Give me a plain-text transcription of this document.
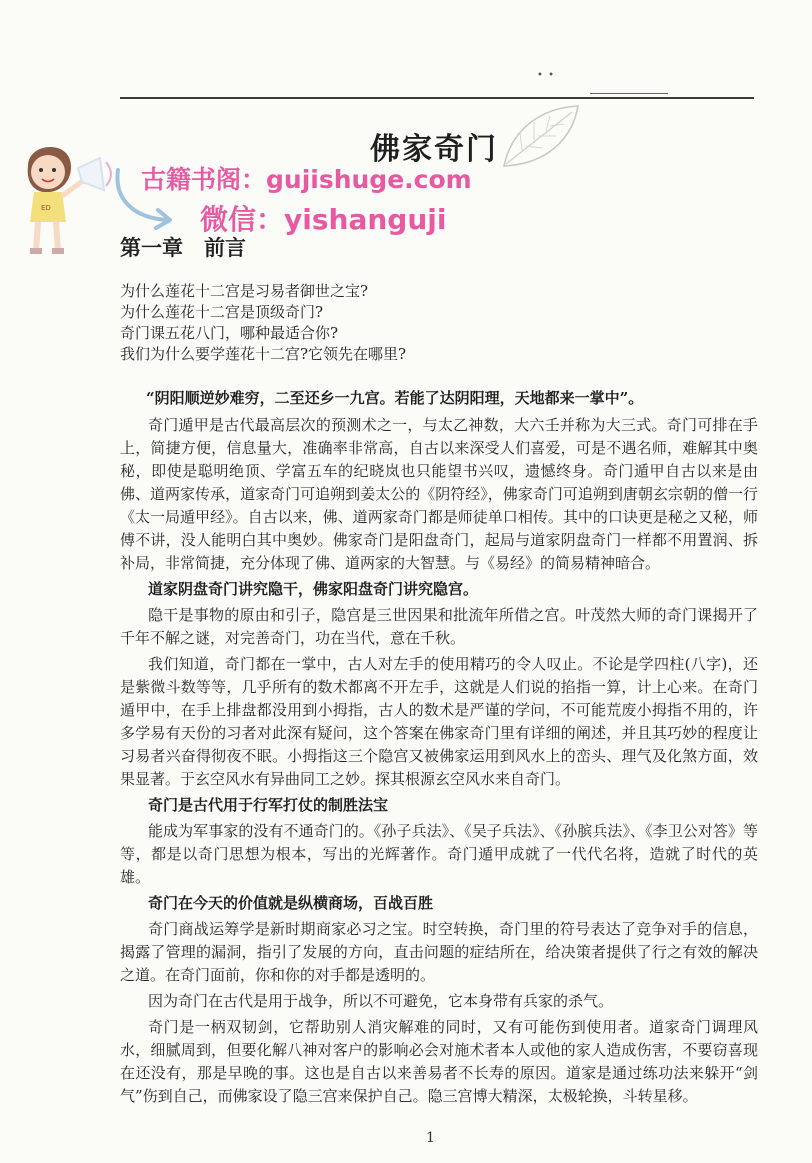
• •
ED
佛家奇门
古籍书阁：gujishuge.com
微信：yishanguji
第一章　前言
为什么莲花十二宫是习易者御世之宝?
为什么莲花十二宫是顶级奇门?
奇门课五花八门，哪种最适合你?
我们为什么要学莲花十二宫?它领先在哪里?

“阴阳顺逆妙难穷，二至还乡一九宫。若能了达阴阳理，天地都来一掌中”。

奇门遁甲是古代最高层次的预测术之一，与太乙神数，大六壬并称为大三式。奇门可排在手上，简捷方便，信息量大，准确率非常高，自古以来深受人们喜爱，可是不遇名师，难解其中奥秘，即使是聪明绝顶、学富五车的纪晓岚也只能望书兴叹，遗憾终身。奇门遁甲自古以来是由佛、道两家传承，道家奇门可追朔到姜太公的《阴符经》，佛家奇门可追朔到唐朝玄宗朝的僧一行《太一局遁甲经》。自古以来，佛、道两家奇门都是师徒单口相传。其中的口诀更是秘之又秘，师傅不讲，没人能明白其中奥妙。佛家奇门是阳盘奇门，起局与道家阴盘奇门一样都不用置润、拆补局，非常简捷，充分体现了佛、道两家的大智慧。与《易经》的简易精神暗合。

道家阴盘奇门讲究隐干，佛家阳盘奇门讲究隐宫。

隐干是事物的原由和引子，隐宫是三世因果和批流年所借之宫。叶茂然大师的奇门课揭开了千年不解之谜，对完善奇门，功在当代，意在千秋。

我们知道，奇门都在一掌中，古人对左手的使用精巧的令人叹止。不论是学四柱(八字)，还是紫微斗数等等，几乎所有的数术都离不开左手，这就是人们说的掐指一算，计上心来。在奇门遁甲中，在手上排盘都没用到小拇指，古人的数术是严谨的学问，不可能荒废小拇指不用的，许多学易有天份的习者对此深有疑问，这个答案在佛家奇门里有详细的阐述，并且其巧妙的程度让习易者兴奋得彻夜不眠。小拇指这三个隐宫又被佛家运用到风水上的峦头、理气及化煞方面，效果显著。于玄空风水有异曲同工之妙。探其根源玄空风水来自奇门。

奇门是古代用于行军打仗的制胜法宝

能成为军事家的没有不通奇门的。《孙子兵法》、《吴子兵法》、《孙膑兵法》、《李卫公对答》等等，都是以奇门思想为根本，写出的光辉著作。奇门遁甲成就了一代代名将，造就了时代的英雄。

奇门在今天的价值就是纵横商场，百战百胜

奇门商战运筹学是新时期商家必习之宝。时空转换，奇门里的符号表达了竞争对手的信息，揭露了管理的漏洞，指引了发展的方向，直击问题的症结所在，给决策者提供了行之有效的解决之道。在奇门面前，你和你的对手都是透明的。

因为奇门在古代是用于战争，所以不可避免，它本身带有兵家的杀气。

奇门是一柄双韧剑，它帮助别人消灾解难的同时，又有可能伤到使用者。道家奇门调理风水，细腻周到，但要化解八神对客户的影响必会对施术者本人或他的家人造成伤害，不要窃喜现在还没有，那是早晚的事。这也是自古以来善易者不长寿的原因。道家是通过练功法来躲开“剑气”伤到自己，而佛家设了隐三宫来保护自己。隐三宫博大精深，太极轮换，斗转星移。

1
